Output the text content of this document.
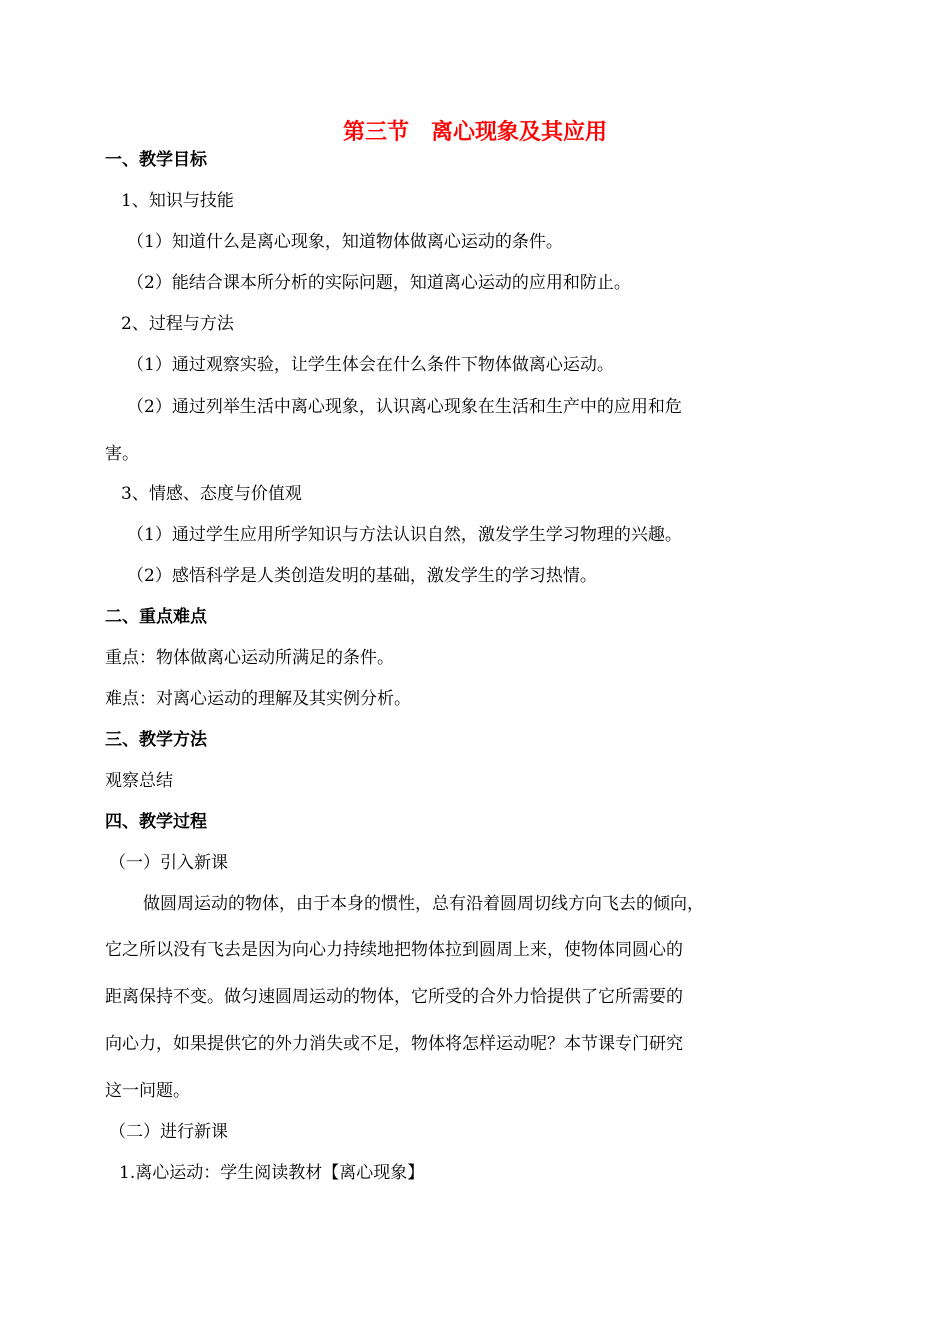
第三节 离心现象及其应用
一、教学目标
1、知识与技能
（1）知道什么是离心现象，知道物体做离心运动的条件。
（2）能结合课本所分析的实际问题，知道离心运动的应用和防止。
2、过程与方法
（1）通过观察实验，让学生体会在什么条件下物体做离心运动。
（2）通过列举生活中离心现象，认识离心现象在生活和生产中的应用和危
害。
3、情感、态度与价值观
（1）通过学生应用所学知识与方法认识自然，激发学生学习物理的兴趣。
（2）感悟科学是人类创造发明的基础，激发学生的学习热情。
二、重点难点
重点：物体做离心运动所满足的条件。
难点：对离心运动的理解及其实例分析。
三、教学方法
观察总结
四、教学过程
（一）引入新课
做圆周运动的物体，由于本身的惯性，总有沿着圆周切线方向飞去的倾向，
它之所以没有飞去是因为向心力持续地把物体拉到圆周上来，使物体同圆心的
距离保持不变。做匀速圆周运动的物体，它所受的合外力恰提供了它所需要的
向心力，如果提供它的外力消失或不足，物体将怎样运动呢？本节课专门研究
这一问题。
（二）进行新课
1.离心运动：学生阅读教材【离心现象】
